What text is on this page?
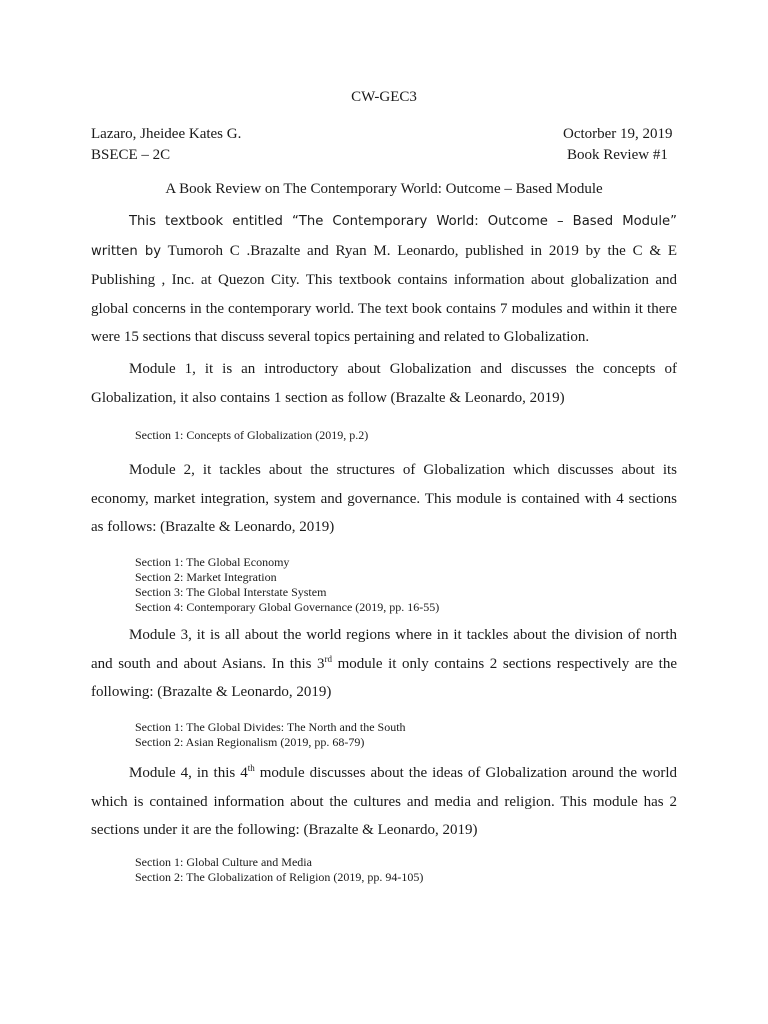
CW-GEC3
Lazaro, Jheidee Kates G.	Octorber 19, 2019
BSECE – 2C	Book Review #1
A Book Review on The Contemporary World: Outcome – Based Module
This textbook entitled “The Contemporary World: Outcome – Based Module” written by Tumoroh C .Brazalte and Ryan M. Leonardo, published in 2019 by the C & E Publishing , Inc. at Quezon City. This textbook contains information about globalization and global concerns in the contemporary world. The text book contains 7 modules and within it there were 15 sections that discuss several topics pertaining and related to Globalization.
Module 1, it is an introductory about Globalization and discusses the concepts of Globalization, it also contains 1 section as follow (Brazalte & Leonardo, 2019)
Section 1: Concepts of Globalization (2019, p.2)
Module 2, it tackles about the structures of Globalization which discusses about its economy, market integration, system and governance. This module is contained with 4 sections as follows: (Brazalte & Leonardo, 2019)
Section 1: The Global Economy
Section 2: Market Integration
Section 3: The Global Interstate System
Section 4: Contemporary Global Governance (2019, pp. 16-55)
Module 3, it is all about the world regions where in it tackles about the division of north and south and about Asians. In this 3rd module it only contains 2 sections respectively are the following: (Brazalte & Leonardo, 2019)
Section 1: The Global Divides: The North and the South
Section 2: Asian Regionalism (2019, pp. 68-79)
Module 4, in this 4th module discusses about the ideas of Globalization around the world which is contained information about the cultures and media and religion. This module has 2 sections under it are the following: (Brazalte & Leonardo, 2019)
Section 1: Global Culture and Media
Section 2: The Globalization of Religion (2019, pp. 94-105)
